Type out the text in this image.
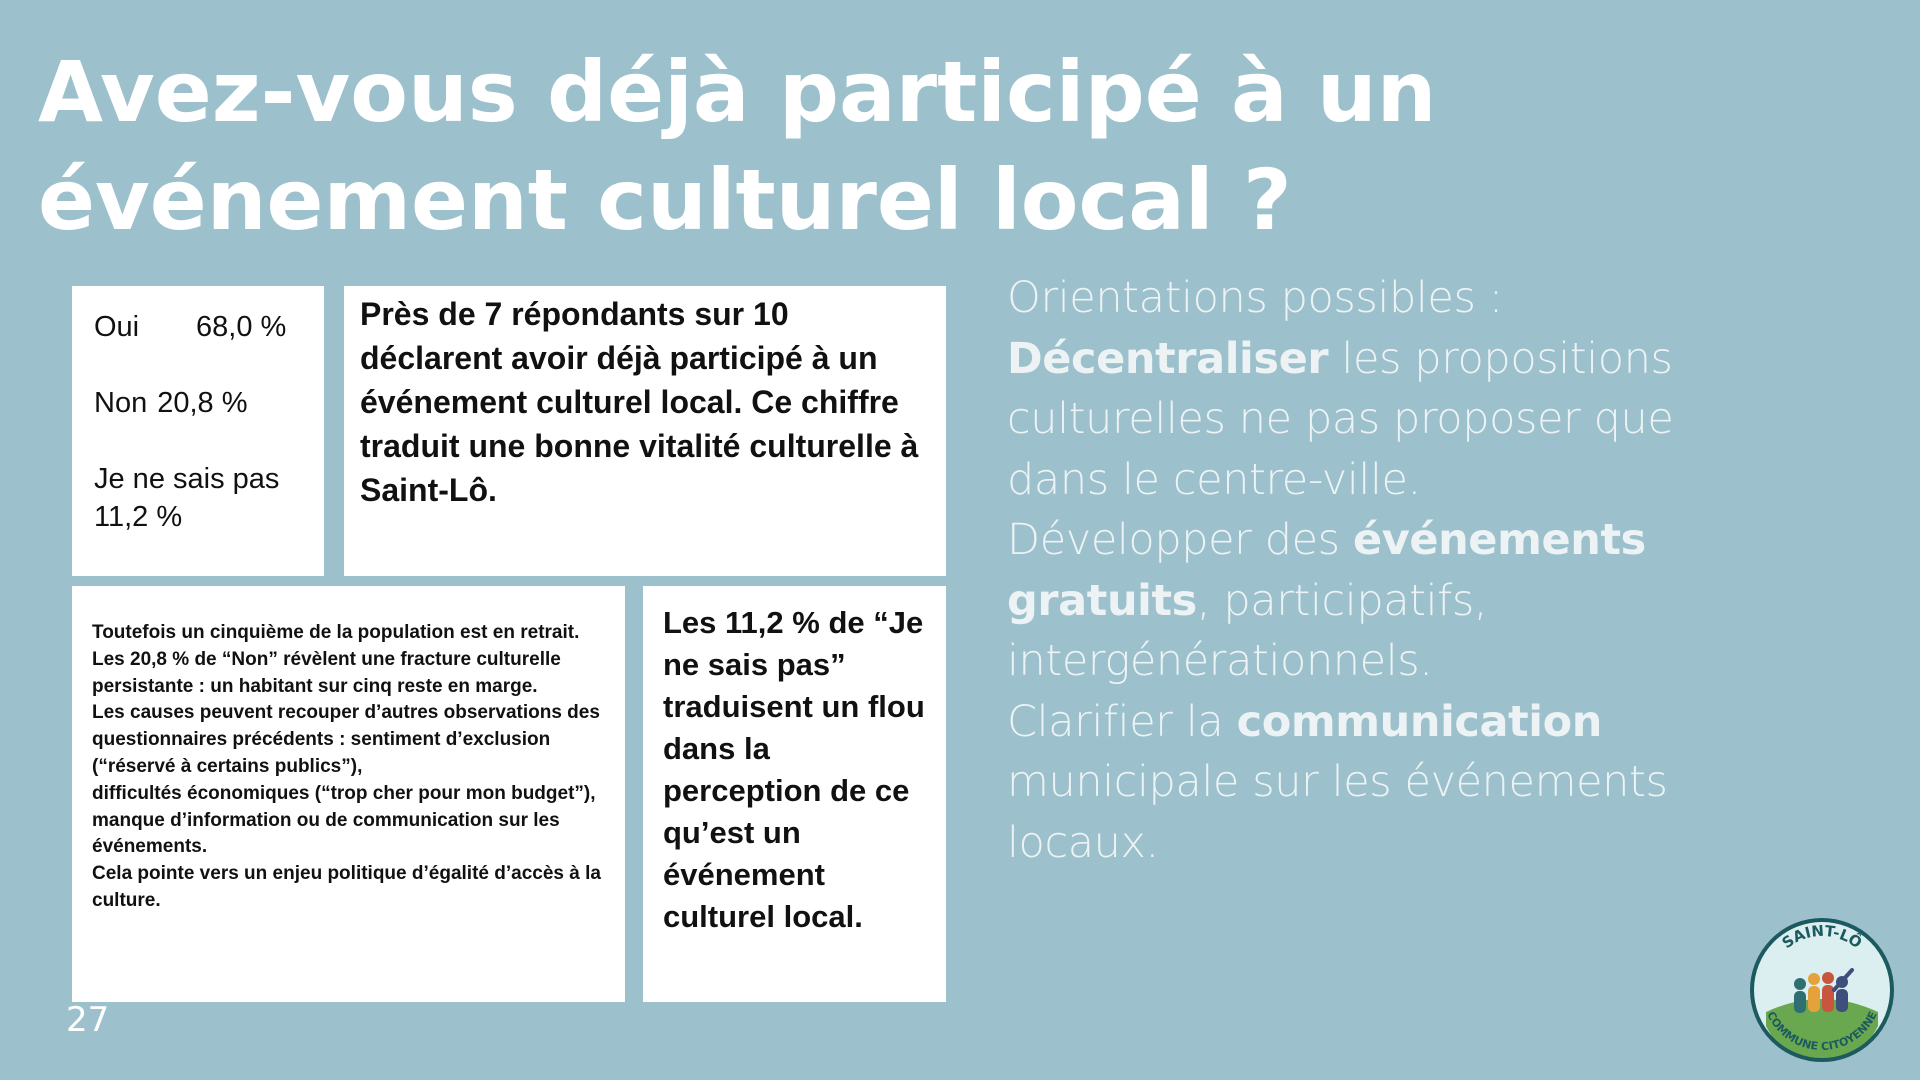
Avez-vous déjà participé à un événement culturel local ?

Oui 68,0 %

Non 20,8 %

Je ne sais pas

11,2 %

Près de 7 répondants sur 10 déclarent avoir déjà participé à un événement culturel local. Ce chiffre traduit une bonne vitalité culturelle à Saint-Lô.

Toutefois un cinquième de la population est en retrait. Les 20,8 % de “Non” révèlent une fracture culturelle persistante : un habitant sur cinq reste en marge.

Les causes peuvent recouper d’autres observations des questionnaires précédents : sentiment d’exclusion (“réservé à certains publics”),

difficultés économiques (“trop cher pour mon budget”),

manque d’information ou de communication sur les événements.

Cela pointe vers un enjeu politique d’égalité d’accès à la culture.

Les 11,2 % de “Je ne sais pas” traduisent un flou dans la perception de ce qu’est un événement culturel local.

Orientations possibles :

Décentraliser les propositions culturelles ne pas proposer que dans le centre-ville.

Développer des événements gratuits, participatifs, intergénérationnels.

Clarifier la communication municipale sur les événements locaux.

27
SAINT-LÔ
COMMUNE CITOYENNE
